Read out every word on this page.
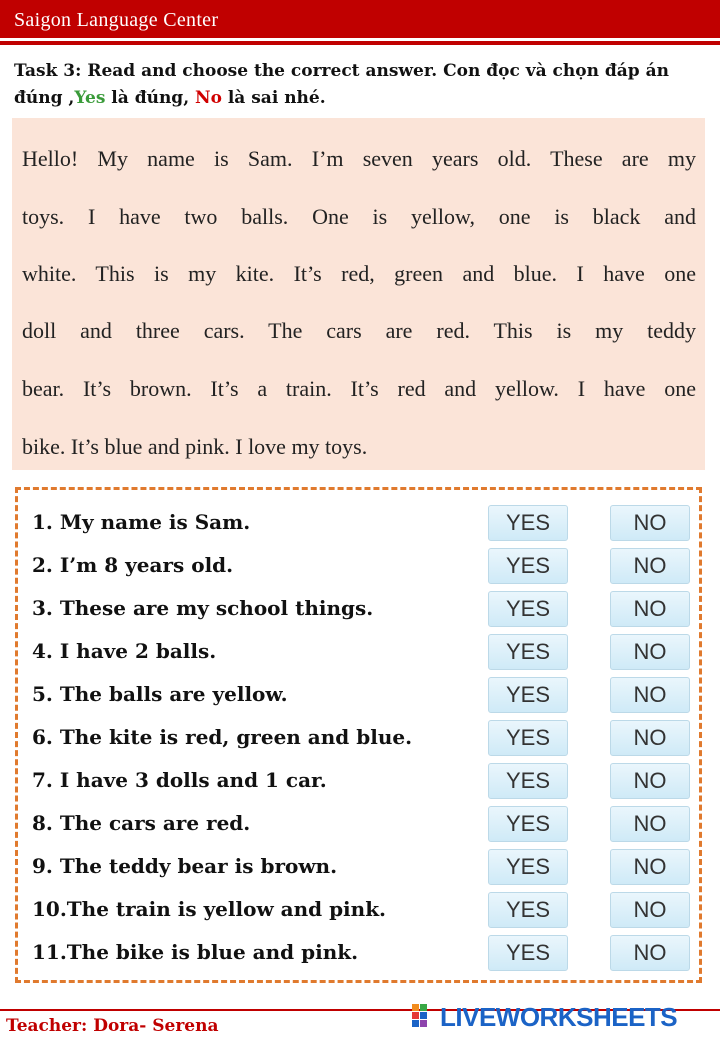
Saigon Language Center
Task 3: Read and choose the correct answer. Con đọc và chọn đáp án đúng ,Yes là đúng, No là sai nhé.
Hello! My name is Sam. I’m seven years old. These are my
toys. I have two balls. One is yellow, one is black and
white. This is my kite. It’s red, green and blue. I have one
doll and three cars. The cars are red. This is my teddy
bear. It’s brown. It’s a train. It’s red and yellow. I have one
bike. It’s blue and pink. I love my toys.
1. My name is Sam.	YES	NO
2. I’m 8 years old.	YES	NO
3. These are my school things.	YES	NO
4. I have 2 balls.	YES	NO
5. The balls are yellow.	YES	NO
6. The kite is red, green and blue.	YES	NO
7. I have 3 dolls and 1 car.	YES	NO
8. The cars are red.	YES	NO
9. The teddy bear is brown.	YES	NO
10.The train is yellow and pink.	YES	NO
11.The bike is blue and pink.	YES	NO
Teacher: Dora- Serena	LIVEWORKSHEETS
